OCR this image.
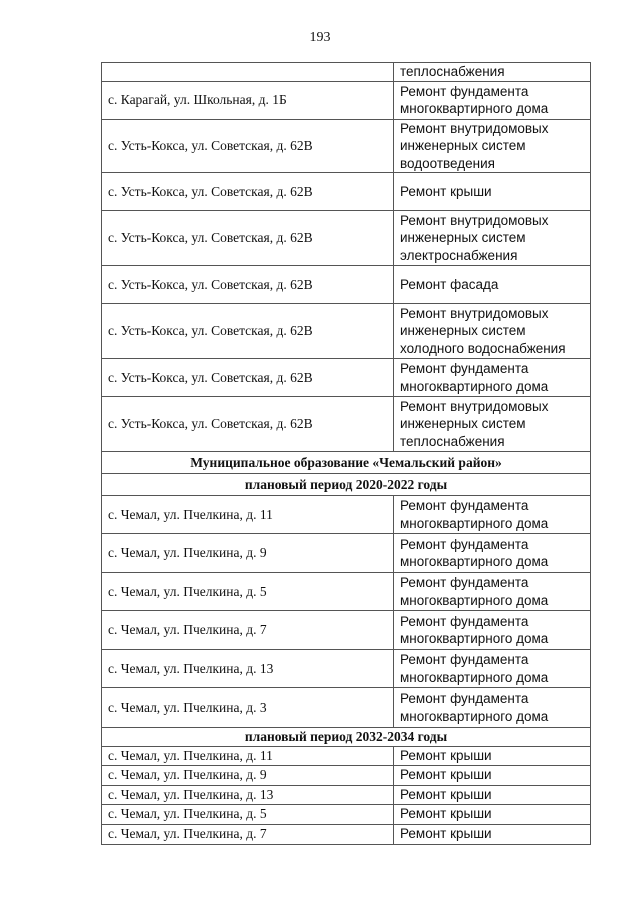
193

	теплоснабжения

с. Карагай, ул. Школьная, д. 1Б	Ремонт фундамента
многоквартирного дома

с. Усть-Кокса, ул. Советская, д. 62В	Ремонт внутридомовых
инженерных систем
водоотведения

с. Усть-Кокса, ул. Советская, д. 62В	Ремонт крыши

с. Усть-Кокса, ул. Советская, д. 62В	Ремонт внутридомовых
инженерных систем
электроснабжения

с. Усть-Кокса, ул. Советская, д. 62В	Ремонт фасада

с. Усть-Кокса, ул. Советская, д. 62В	Ремонт внутридомовых
инженерных систем
холодного водоснабжения

с. Усть-Кокса, ул. Советская, д. 62В	Ремонт фундамента
многоквартирного дома

с. Усть-Кокса, ул. Советская, д. 62В	Ремонт внутридомовых
инженерных систем
теплоснабжения

Муниципальное образование «Чемальский район»	
плановый период 2020-2022 годы	
с. Чемал, ул. Пчелкина, д. 11	Ремонт фундамента
многоквартирного дома

с. Чемал, ул. Пчелкина, д. 9	Ремонт фундамента
многоквартирного дома

с. Чемал, ул. Пчелкина, д. 5	Ремонт фундамента
многоквартирного дома

с. Чемал, ул. Пчелкина, д. 7	Ремонт фундамента
многоквартирного дома

с. Чемал, ул. Пчелкина, д. 13	Ремонт фундамента
многоквартирного дома

с. Чемал, ул. Пчелкина, д. 3	Ремонт фундамента
многоквартирного дома

плановый период 2032-2034 годы	
с. Чемал, ул. Пчелкина, д. 11	Ремонт крыши

с. Чемал, ул. Пчелкина, д. 9	Ремонт крыши

с. Чемал, ул. Пчелкина, д. 13	Ремонт крыши

с. Чемал, ул. Пчелкина, д. 5	Ремонт крыши

с. Чемал, ул. Пчелкина, д. 7	Ремонт крыши
